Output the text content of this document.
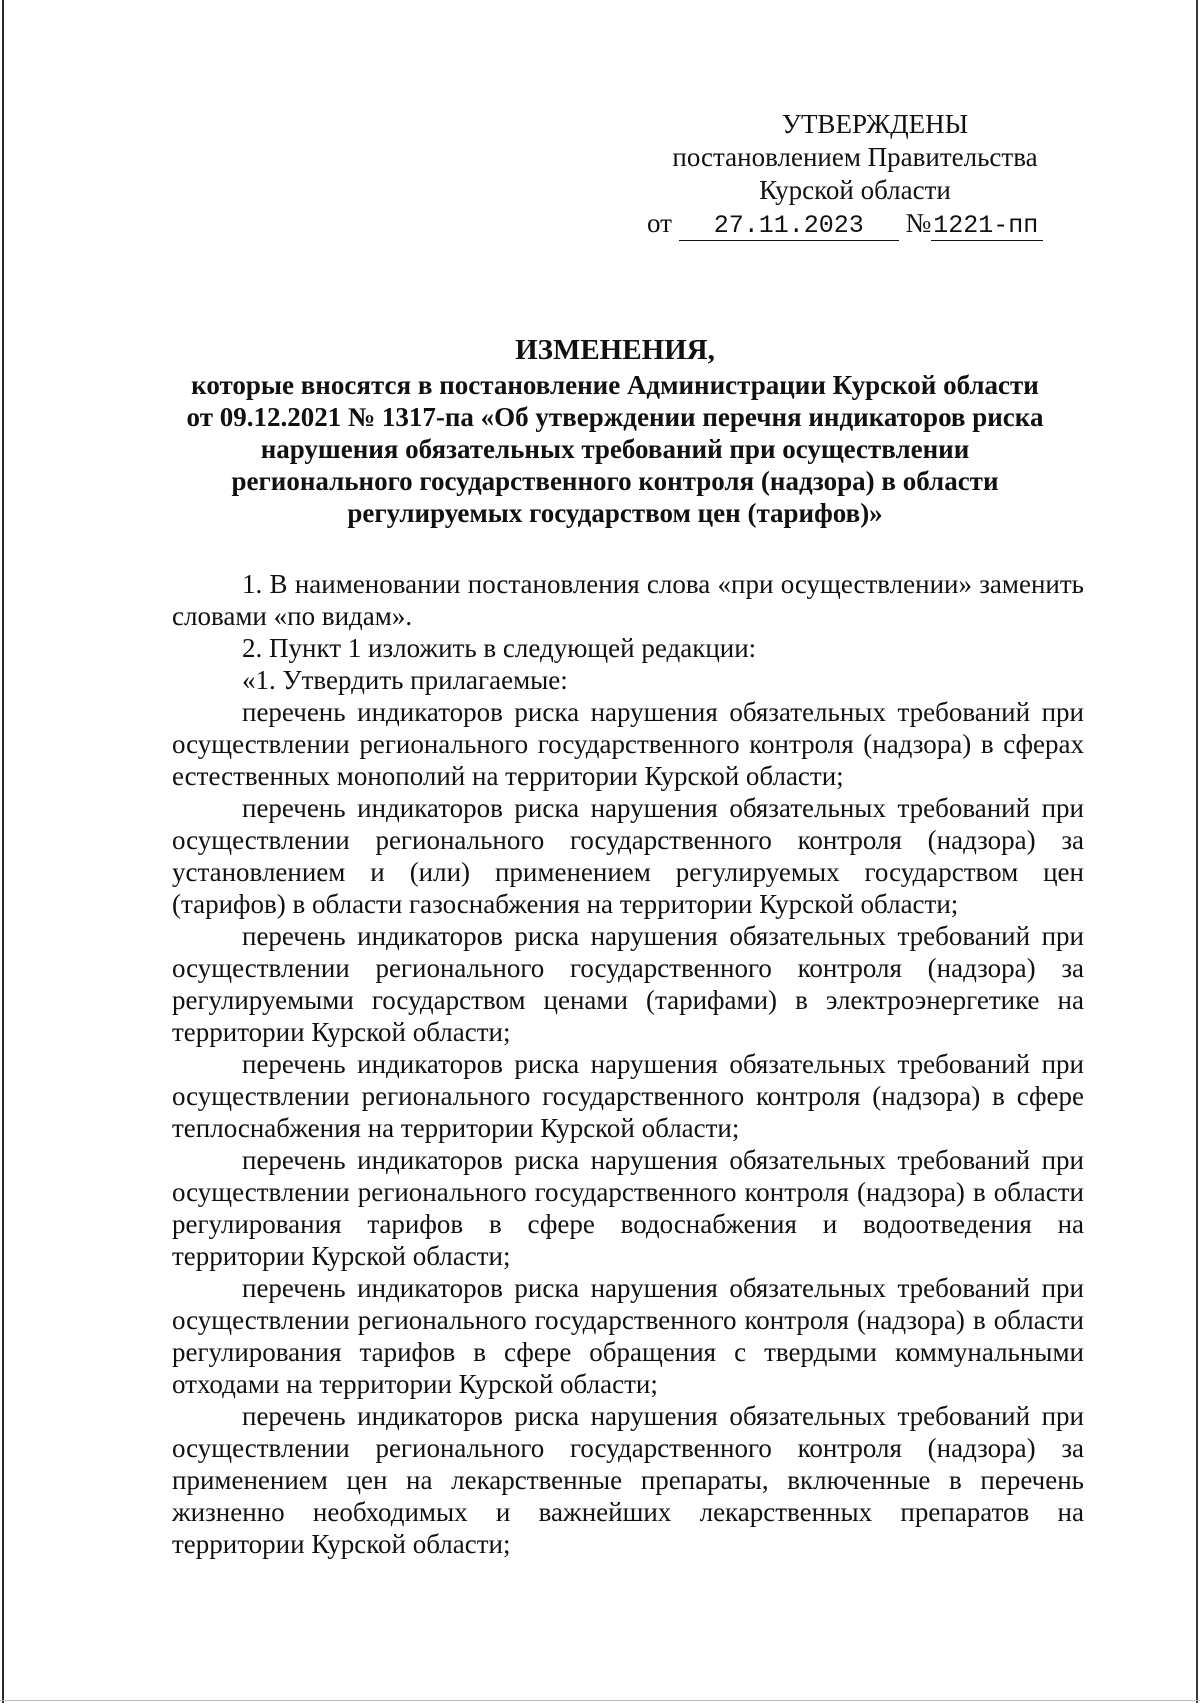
УТВЕРЖДЕНЫ
постановлением Правительства
Курской области
от 27.11.2023 №1221-пп
ИЗМЕНЕНИЯ,
которые вносятся в постановление Администрации Курской области
от 09.12.2021 № 1317-па «Об утверждении перечня индикаторов риска
нарушения обязательных требований при осуществлении
регионального государственного контроля (надзора) в области
регулируемых государством цен (тарифов)»

1. В наименовании постановления слова «при осуществлении» заменить словами «по видам».

2. Пункт 1 изложить в следующей редакции:

«1. Утвердить прилагаемые:

перечень индикаторов риска нарушения обязательных требований при осуществлении регионального государственного контроля (надзора) в сферах естественных монополий на территории Курской области;

перечень индикаторов риска нарушения обязательных требований при осуществлении регионального государственного контроля (надзора) за установлением и (или) применением регулируемых государством цен (тарифов) в области газоснабжения на территории Курской области;

перечень индикаторов риска нарушения обязательных требований при осуществлении регионального государственного контроля (надзора) за регулируемыми государством ценами (тарифами) в электроэнергетике на территории Курской области;

перечень индикаторов риска нарушения обязательных требований при осуществлении регионального государственного контроля (надзора) в сфере теплоснабжения на территории Курской области;

перечень индикаторов риска нарушения обязательных требований при осуществлении регионального государственного контроля (надзора) в области регулирования тарифов в сфере водоснабжения и водоотведения на территории Курской области;

перечень индикаторов риска нарушения обязательных требований при осуществлении регионального государственного контроля (надзора) в области регулирования тарифов в сфере обращения с твердыми коммунальными отходами на территории Курской области;

перечень индикаторов риска нарушения обязательных требований при осуществлении регионального государственного контроля (надзора) за применением цен на лекарственные препараты, включенные в перечень жизненно необходимых и важнейших лекарственных препаратов на территории Курской области;
